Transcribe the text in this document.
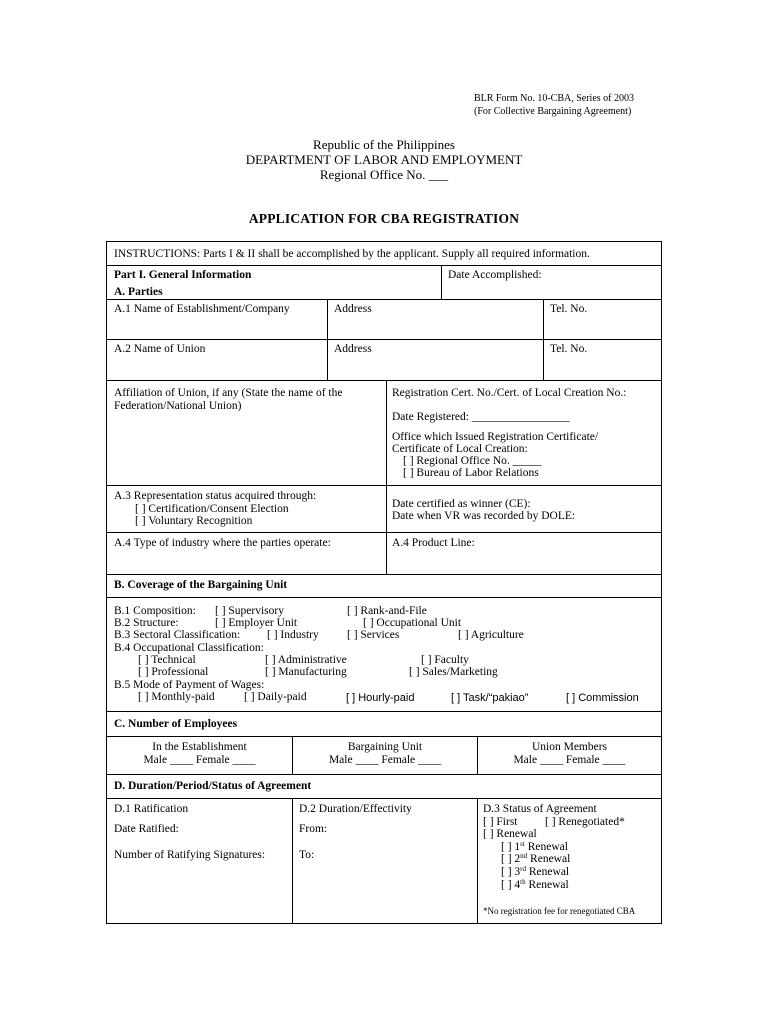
BLR Form No. 10-CBA, Series of 2003
(For Collective Bargaining Agreement)
Republic of the Philippines
DEPARTMENT OF LABOR AND EMPLOYMENT
Regional Office No. ___
APPLICATION FOR CBA REGISTRATION
INSTRUCTIONS: Parts I & II shall be accomplished by the applicant. Supply all required information.
Part I. General Information	Date Accomplished:
A. Parties
A.1 Name of Establishment/Company	Address	Tel. No.
A.2 Name of Union	Address	Tel. No.
Affiliation of Union, if any (State the name of the
Federation/National Union)
Registration Cert. No./Cert. of Local Creation No.:
Date Registered: _________________
Office which Issued Registration Certificate/
Certificate of Local Creation:
[ ] Regional Office No. _____
[ ] Bureau of Labor Relations
A.3 Representation status acquired through:
[ ] Certification/Consent Election
[ ] Voluntary Recognition
Date certified as winner (CE):
Date when VR was recorded by DOLE:
A.4 Type of industry where the parties operate:	A.4 Product Line:
B. Coverage of the Bargaining Unit
B.1 Composition: [ ] Supervisory	[ ] Rank-and-File
B.2 Structure:	[ ] Employer Unit	[ ] Occupational Unit
B.3 Sectoral Classification: [ ] Industry [ ] Services	[ ] Agriculture
B.4 Occupational Classification:
[ ] Technical	[ ] Administrative	[ ] Faculty
[ ] Professional	[ ] Manufacturing	[ ] Sales/Marketing
B.5 Mode of Payment of Wages:
[ ] Monthly-paid	[ ] Daily-paid	[ ] Hourly-paid	[ ] Task/“pakiao”	[ ] Commission
C. Number of Employees
In the Establishment
Male ____ Female ____
Bargaining Unit
Male ____ Female ____
Union Members
Male ____ Female ____
D. Duration/Period/Status of Agreement
D.1 Ratification
Date Ratified:
Number of Ratifying Signatures:
D.2 Duration/Effectivity
From:
To:
D.3 Status of Agreement
[ ] First [ ] Renegotiated*
[ ] Renewal
[ ] 1st Renewal
[ ] 2nd Renewal
[ ] 3rd Renewal
[ ] 4th Renewal
*No registration fee for renegotiated CBA
